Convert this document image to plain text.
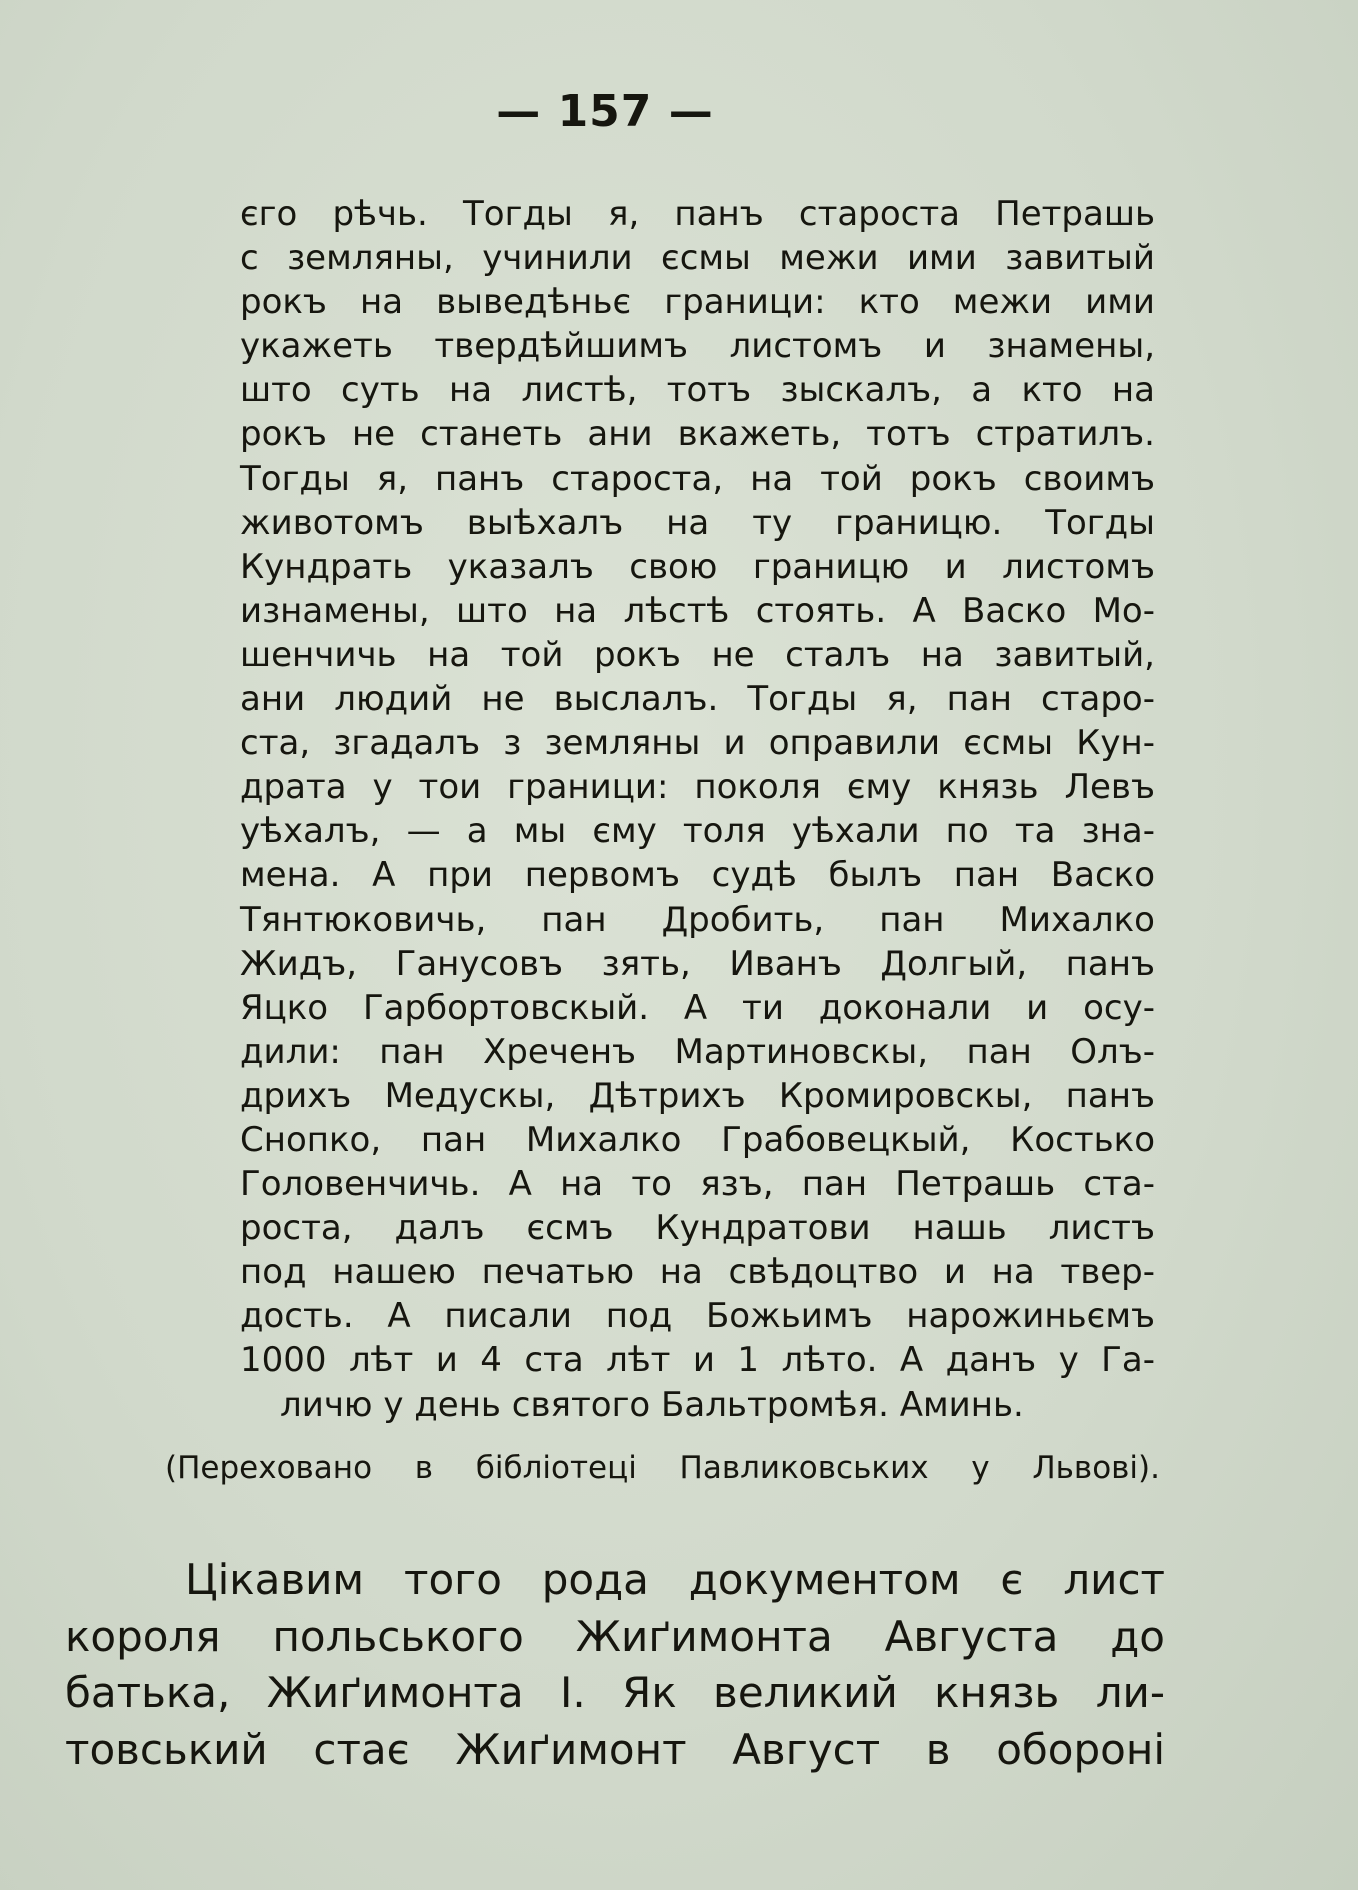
— 157 —
єго рѣчь. Тогды я, панъ староста Петрашь
с земляны, учинили єсмы межи ими завитый
рокъ на выведѣньє граници: кто межи ими
укажеть твердѣйшимъ листомъ и знамены,
што суть на листѣ, тотъ зыскалъ, а кто на
рокъ не станеть ани вкажеть, тотъ стратилъ.
Тогды я, панъ староста, на той рокъ своимъ
животомъ выѣхалъ на ту границю. Тогды
Кундрать указалъ свою границю и листомъ
изнамены, што на лѣстѣ стоять. А Васко Мо-
шенчичь на той рокъ не сталъ на завитый,
ани людий не выслалъ. Тогды я, пан старо-
ста, згадалъ з земляны и оправили єсмы Кун-
драта у тои граници: поколя єму князь Левъ
уѣхалъ, — а мы єму толя уѣхали по та зна-
мена. А при первомъ судѣ былъ пан Васко
Тянтюковичь, пан Дробить, пан Михалко
Жидъ, Ганусовъ зять, Иванъ Долгый, панъ
Яцко Гарбортовскый. А ти доконали и осу-
дили: пан Хреченъ Мартиновскы, пан Олъ-
дрихъ Медускы, Дѣтрихъ Кромировскы, панъ
Снопко, пан Михалко Грабовецкый, Костько
Головенчичь. А на то язъ, пан Петрашь ста-
роста, далъ єсмъ Кундратови нашь листъ
под нашею печатью на свѣдоцтво и на твер-
дость. А писали под Божьимъ нарожиньємъ
1000 лѣт и 4 ста лѣт и 1 лѣто. А данъ у Га-
личю у день святого Бальтромѣя. Аминь.
(Переховано в бібліотеці Павликовських у Львові).
Цікавим того рода документом є лист
короля польського Жиґимонта Августа до
батька, Жиґимонта І. Як великий князь ли-
товський стає Жиґимонт Август в обороні
